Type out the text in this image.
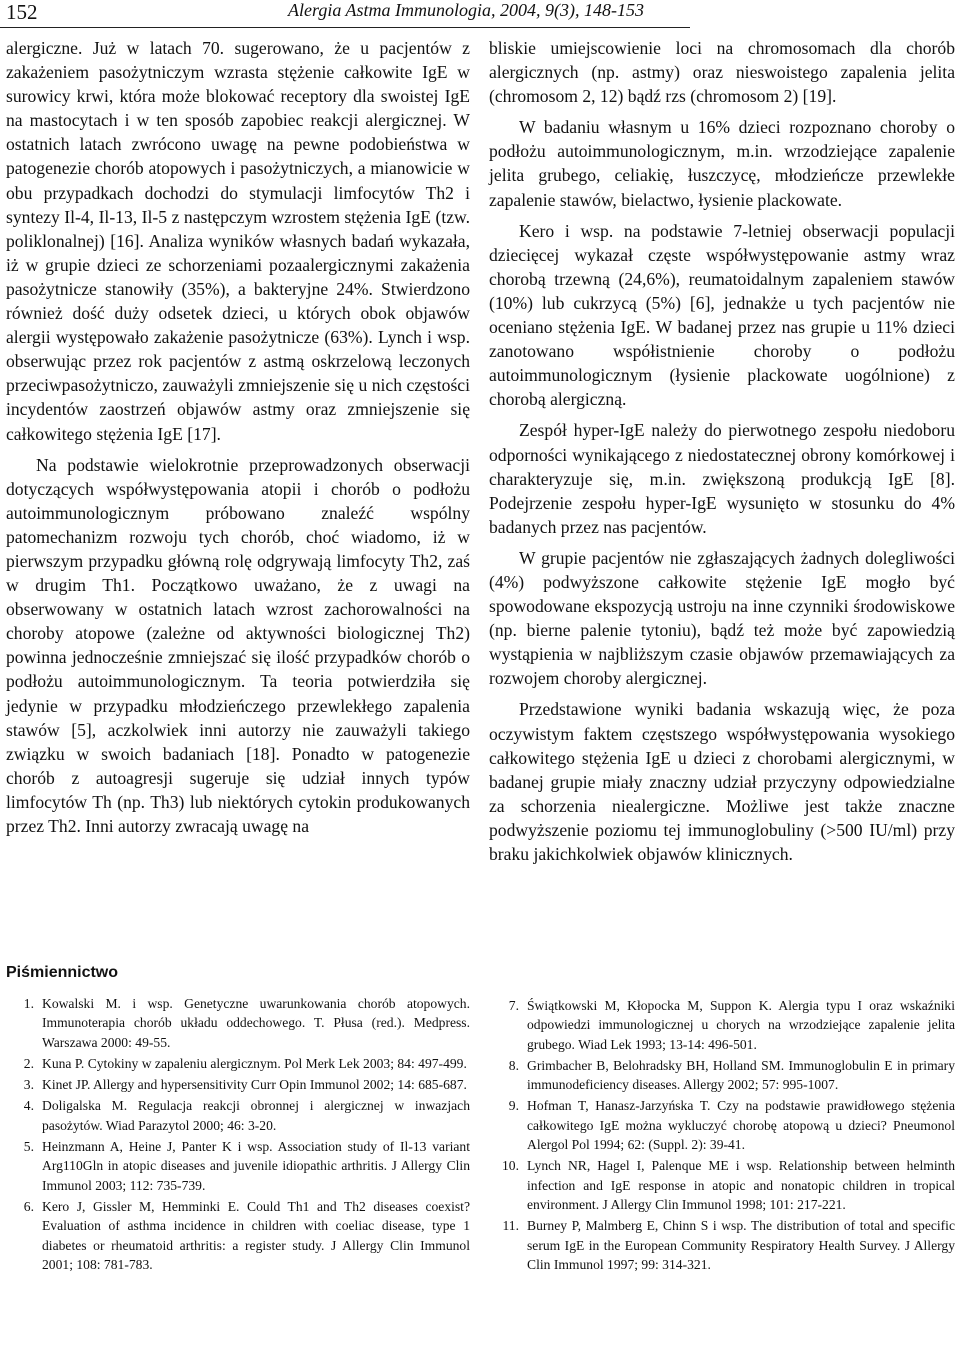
152	Alergia Astma Immunologia, 2004, 9(3), 148-153

alergiczne. Już w latach 70. sugerowano, że u pacjentów z zakażeniem pasożytniczym wzrasta stężenie całkowite IgE w surowicy krwi, która może blokować receptory dla swoistej IgE na mastocytach i w ten sposób zapobiec reakcji alergicznej. W ostatnich latach zwrócono uwagę na pewne podobieństwa w patogenezie chorób atopowych i pasożytniczych, a mianowicie w obu przypadkach dochodzi do stymulacji limfocytów Th2 i syntezy Il-4, Il-13, Il-5 z następczym wzrostem stężenia IgE (tzw. poliklonalnej) [16]. Analiza wyników własnych badań wykazała, iż w grupie dzieci ze schorzeniami pozaalergicznymi zakażenia pasożytnicze stanowiły (35%), a bakteryjne 24%. Stwierdzono również dość duży odsetek dzieci, u których obok objawów alergii występowało zakażenie pasożytnicze (63%). Lynch i wsp. obserwując przez rok pacjentów z astmą oskrzelową leczonych przeciwpasożytniczo, zauważyli zmniejszenie się u nich częstości incydentów zaostrzeń objawów astmy oraz zmniejszenie się całkowitego stężenia IgE [17].

Na podstawie wielokrotnie przeprowadzonych obserwacji dotyczących współwystępowania atopii i chorób o podłożu autoimmunologicznym próbowano znaleźć wspólny patomechanizm rozwoju tych chorób, choć wiadomo, iż w pierwszym przypadku główną rolę odgrywają limfocyty Th2, zaś w drugim Th1. Początkowo uważano, że z uwagi na obserwowany w ostatnich latach wzrost zachorowalności na choroby atopowe (zależne od aktywności biologicznej Th2) powinna jednocześnie zmniejszać się ilość przypadków chorób o podłożu autoimmunologicznym. Ta teoria potwierdziła się jedynie w przypadku młodzieńczego przewlekłego zapalenia stawów [5], aczkolwiek inni autorzy nie zauważyli takiego związku w swoich badaniach [18]. Ponadto w patogenezie chorób z autoagresji sugeruje się udział innych typów limfocytów Th (np. Th3) lub niektórych cytokin produkowanych przez Th2. Inni autorzy zwracają uwagę na

bliskie umiejscowienie loci na chromosomach dla chorób alergicznych (np. astmy) oraz nieswoistego zapalenia jelita (chromosom 2, 12) bądź rzs (chromosom 2) [19].

W badaniu własnym u 16% dzieci rozpoznano choroby o podłożu autoimmunologicznym, m.in. wrzodziejące zapalenie jelita grubego, celiakię, łuszczycę, młodzieńcze przewlekłe zapalenie stawów, bielactwo, łysienie plackowate.

Kero i wsp. na podstawie 7-letniej obserwacji populacji dziecięcej wykazał częste współwystępowanie astmy wraz chorobą trzewną (24,6%), reumatoidalnym zapaleniem stawów (10%) lub cukrzycą (5%) [6], jednakże u tych pacjentów nie oceniano stężenia IgE. W badanej przez nas grupie u 11% dzieci zanotowano współistnienie choroby o podłożu autoimmunologicznym (łysienie plackowate uogólnione) z chorobą alergiczną.

Zespół hyper-IgE należy do pierwotnego zespołu niedoboru odporności wynikającego z niedostatecznej obrony komórkowej i charakteryzuje się, m.in. zwiększoną produkcją IgE [8]. Podejrzenie zespołu hyper-IgE wysunięto w stosunku do 4% badanych przez nas pacjentów.

W grupie pacjentów nie zgłaszających żadnych dolegliwości (4%) podwyższone całkowite stężenie IgE mogło być spowodowane ekspozycją ustroju na inne czynniki środowiskowe (np. bierne palenie tytoniu), bądź też może być zapowiedzią wystąpienia w najbliższym czasie objawów przemawiających za rozwojem choroby alergicznej.

Przedstawione wyniki badania wskazują więc, że poza oczywistym faktem częstszego współwystępowania wysokiego całkowitego stężenia IgE u dzieci z chorobami alergicznymi, w badanej grupie miały znaczny udział przyczyny odpowiedzialne za schorzenia niealergiczne. Możliwe jest także znaczne podwyższenie poziomu tej immunoglobuliny (>500 IU/ml) przy braku jakichkolwiek objawów klinicznych.

Piśmiennictwo
1. Kowalski M. i wsp. Genetyczne uwarunkowania chorób atopowych. Immunoterapia chorób układu oddechowego. T. Płusa (red.). Medpress. Warszawa 2000: 49-55.
2. Kuna P. Cytokiny w zapaleniu alergicznym. Pol Merk Lek 2003; 84: 497-499.
3. Kinet JP. Allergy and hypersensitivity Curr Opin Immunol 2002; 14: 685-687.
4. Doligalska M. Regulacja reakcji obronnej i alergicznej w inwazjach pasożytów. Wiad Parazytol 2000; 46: 3-20.
5. Heinzmann A, Heine J, Panter K i wsp. Association study of Il-13 variant Arg110Gln in atopic diseases and juvenile idiopathic arthritis. J Allergy Clin Immunol 2003; 112: 735-739.
6. Kero J, Gissler M, Hemminki E. Could Th1 and Th2 diseases coexist? Evaluation of asthma incidence in children with coeliac disease, type 1 diabetes or rheumatoid arthritis: a register study. J Allergy Clin Immunol 2001; 108: 781-783.
7. Świątkowski M, Kłopocka M, Suppon K. Alergia typu I oraz wskaźniki odpowiedzi immunologicznej u chorych na wrzodziejące zapalenie jelita grubego. Wiad Lek 1993; 13-14: 496-501.
8. Grimbacher B, Belohradsky BH, Holland SM. Immunoglobulin E in primary immunodeficiency diseases. Allergy 2002; 57: 995-1007.
9. Hofman T, Hanasz-Jarzyńska T. Czy na podstawie prawidłowego stężenia całkowitego IgE można wykluczyć chorobę atopową u dzieci? Pneumonol Alergol Pol 1994; 62: (Suppl. 2): 39-41.
10. Lynch NR, Hagel I, Palenque ME i wsp. Relationship between helminth infection and IgE response in atopic and nonatopic children in tropical environment. J Allergy Clin Immunol 1998; 101: 217-221.
11. Burney P, Malmberg E, Chinn S i wsp. The distribution of total and specific serum IgE in the European Community Respiratory Health Survey. J Allergy Clin Immunol 1997; 99: 314-321.
